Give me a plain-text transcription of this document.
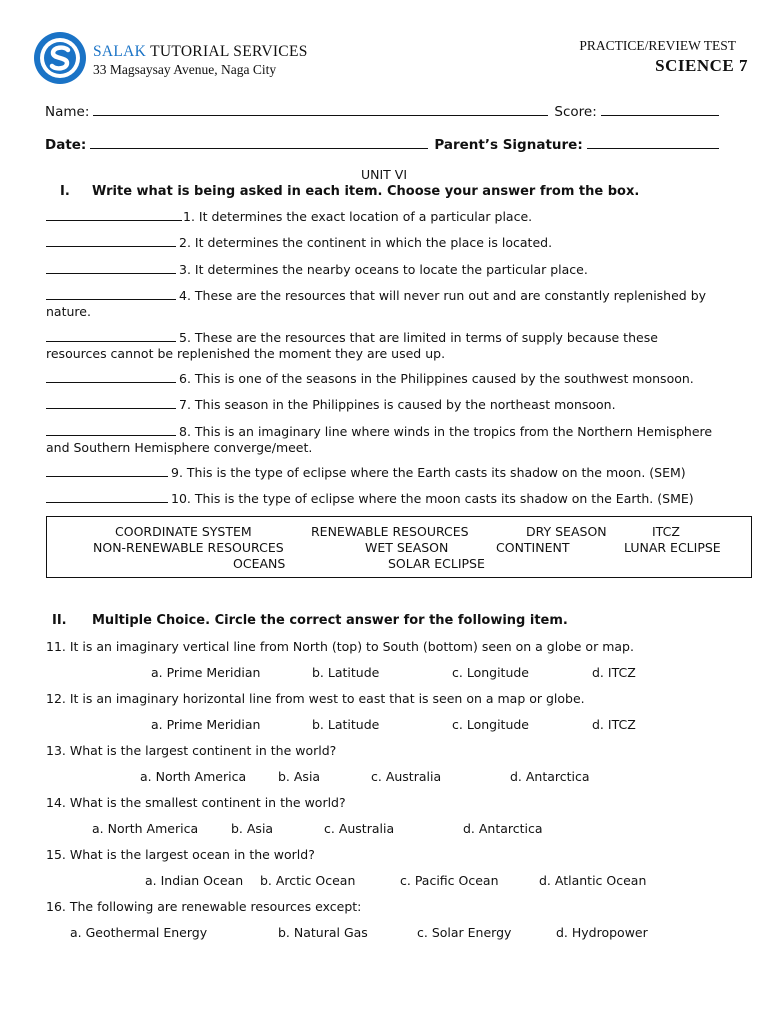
SALAK TUTORIAL SERVICES
33 Magsaysay Avenue, Naga City
PRACTICE/REVIEW TEST
SCIENCE 7
Name:	Score:
Date:	Parent’s Signature:
UNIT VI
I. Write what is being asked in each item. Choose your answer from the box.
1. It determines the exact location of a particular place.
2. It determines the continent in which the place is located.
3. It determines the nearby oceans to locate the particular place.
4. These are the resources that will never run out and are constantly replenished by
nature.
5. These are the resources that are limited in terms of supply because these
resources cannot be replenished the moment they are used up.
6. This is one of the seasons in the Philippines caused by the southwest monsoon.
7. This season in the Philippines is caused by the northeast monsoon.
8. This is an imaginary line where winds in the tropics from the Northern Hemisphere
and Southern Hemisphere converge/meet.
9. This is the type of eclipse where the Earth casts its shadow on the moon. (SEM)
10. This is the type of eclipse where the moon casts its shadow on the Earth. (SME)
COORDINATE SYSTEM	RENEWABLE RESOURCES	DRY SEASON	ITCZ
NON-RENEWABLE RESOURCES	WET SEASON	CONTINENT	LUNAR ECLIPSE
OCEANS	SOLAR ECLIPSE
II. Multiple Choice. Circle the correct answer for the following item.
11. It is an imaginary vertical line from North (top) to South (bottom) seen on a globe or map.
a. Prime Meridian	b. Latitude	c. Longitude	d. ITCZ
12. It is an imaginary horizontal line from west to east that is seen on a map or globe.
a. Prime Meridian	b. Latitude	c. Longitude	d. ITCZ
13. What is the largest continent in the world?
a. North America	b. Asia	c. Australia	d. Antarctica
14. What is the smallest continent in the world?
a. North America	b. Asia	c. Australia	d. Antarctica
15. What is the largest ocean in the world?
a. Indian Ocean b. Arctic Ocean	c. Pacific Ocean	d. Atlantic Ocean
16. The following are renewable resources except:
a. Geothermal Energy	b. Natural Gas	c. Solar Energy	d. Hydropower
